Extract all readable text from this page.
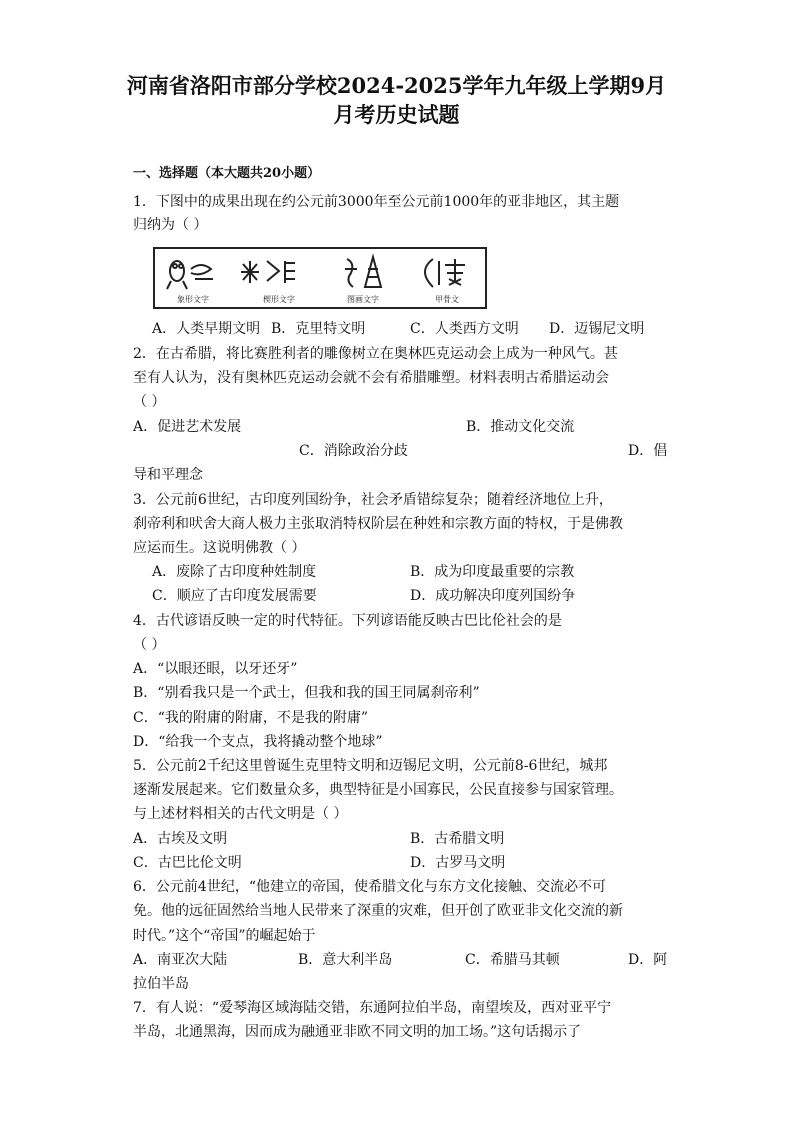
河南省洛阳市部分学校2024-2025学年九年级上学期9月
月考历史试题
一、选择题（本大题共20小题）
1．下图中的成果出现在约公元前3000年至公元前1000年的亚非地区，其主题
归纳为（ ）
象形文字	楔形文字	图画文字	甲骨文
A．人类早期文明 B．克里特文明	C．人类西方文明 D．迈锡尼文明
2．在古希腊，将比赛胜利者的雕像树立在奥林匹克运动会上成为一种风气。甚
至有人认为，没有奥林匹克运动会就不会有希腊雕塑。材料表明古希腊运动会
（ ）
A．促进艺术发展	B．推动文化交流
C．消除政治分歧	D．倡
导和平理念
3．公元前6世纪，古印度列国纷争，社会矛盾错综复杂；随着经济地位上升，
刹帝利和吠舍大商人极力主张取消特权阶层在种姓和宗教方面的特权，于是佛教
应运而生。这说明佛教（ ）
A．废除了古印度种姓制度	B．成为印度最重要的宗教
C．顺应了古印度发展需要	D．成功解决印度列国纷争
4．古代谚语反映一定的时代特征。下列谚语能反映古巴比伦社会的是
（ ）
A．“以眼还眼，以牙还牙”
B．“别看我只是一个武士，但我和我的国王同属刹帝利”
C．“我的附庸的附庸，不是我的附庸”
D．“给我一个支点，我将撬动整个地球”
5．公元前2千纪这里曾诞生克里特文明和迈锡尼文明，公元前8-6世纪，城邦
逐渐发展起来。它们数量众多，典型特征是小国寡民，公民直接参与国家管理。
与上述材料相关的古代文明是（ ）
A．古埃及文明	B．古希腊文明
C．古巴比伦文明	D．古罗马文明
6．公元前4世纪，“他建立的帝国，使希腊文化与东方文化接触、交流必不可
免。他的远征固然给当地人民带来了深重的灾难，但开创了欧亚非文化交流的新
时代。”这个“帝国”的崛起始于
A．南亚次大陆	B．意大利半岛	C．希腊马其顿	D．阿
拉伯半岛
7．有人说：“爱琴海区域海陆交错，东通阿拉伯半岛，南望埃及，西对亚平宁
半岛，北通黑海，因而成为融通亚非欧不同文明的加工场。”这句话揭示了
